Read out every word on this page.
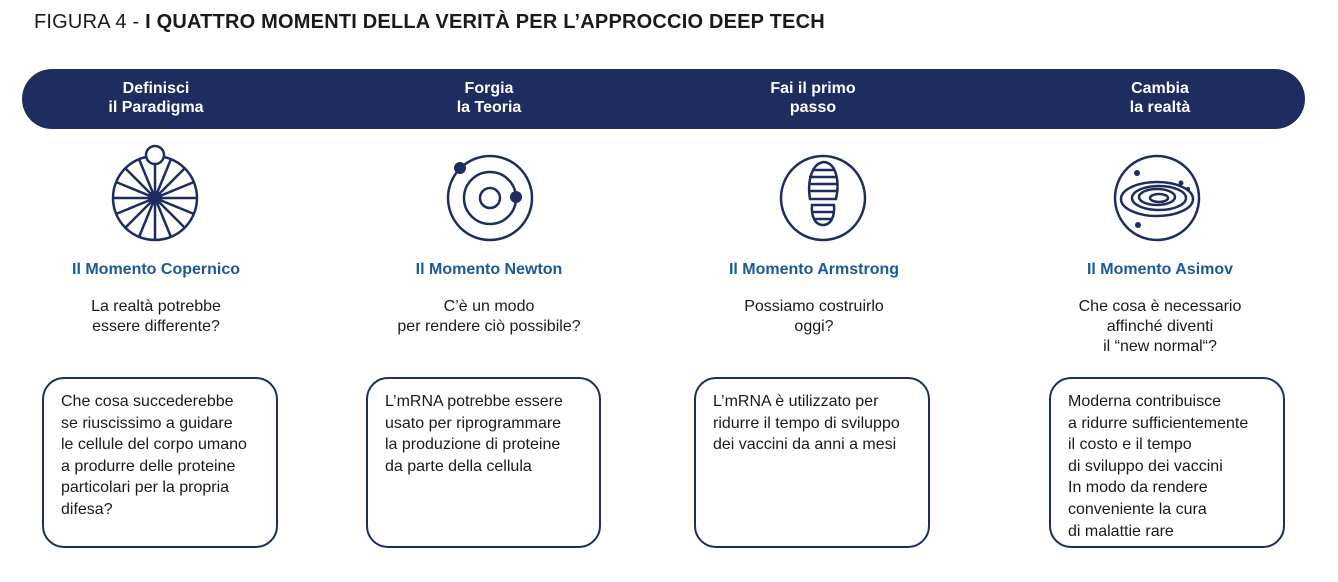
FIGURA 4 - I QUATTRO MOMENTI DELLA VERITÀ PER L’APPROCCIO DEEP TECH
Definisci
il Paradigma
Forgia
la Teoria
Fai il primo
passo
Cambia
la realtà
Il Momento Copernico	Il Momento Newton	Il Momento Armstrong	Il Momento Asimov
La realtà potrebbe
essere differente?
C’è un modo
per rendere ciò possibile?
Possiamo costruirlo
oggi?
Che cosa è necessario
affinché diventi
il “new normal“?
Che cosa succederebbe
se riuscissimo a guidare
le cellule del corpo umano
a produrre delle proteine
particolari per la propria
difesa?
L’mRNA potrebbe essere
usato per riprogrammare
la produzione di proteine
da parte della cellula
L’mRNA è utilizzato per
ridurre il tempo di sviluppo
dei vaccini da anni a mesi
Moderna contribuisce
a ridurre sufficientemente
il costo e il tempo
di sviluppo dei vaccini
In modo da rendere
conveniente la cura
di malattie rare
